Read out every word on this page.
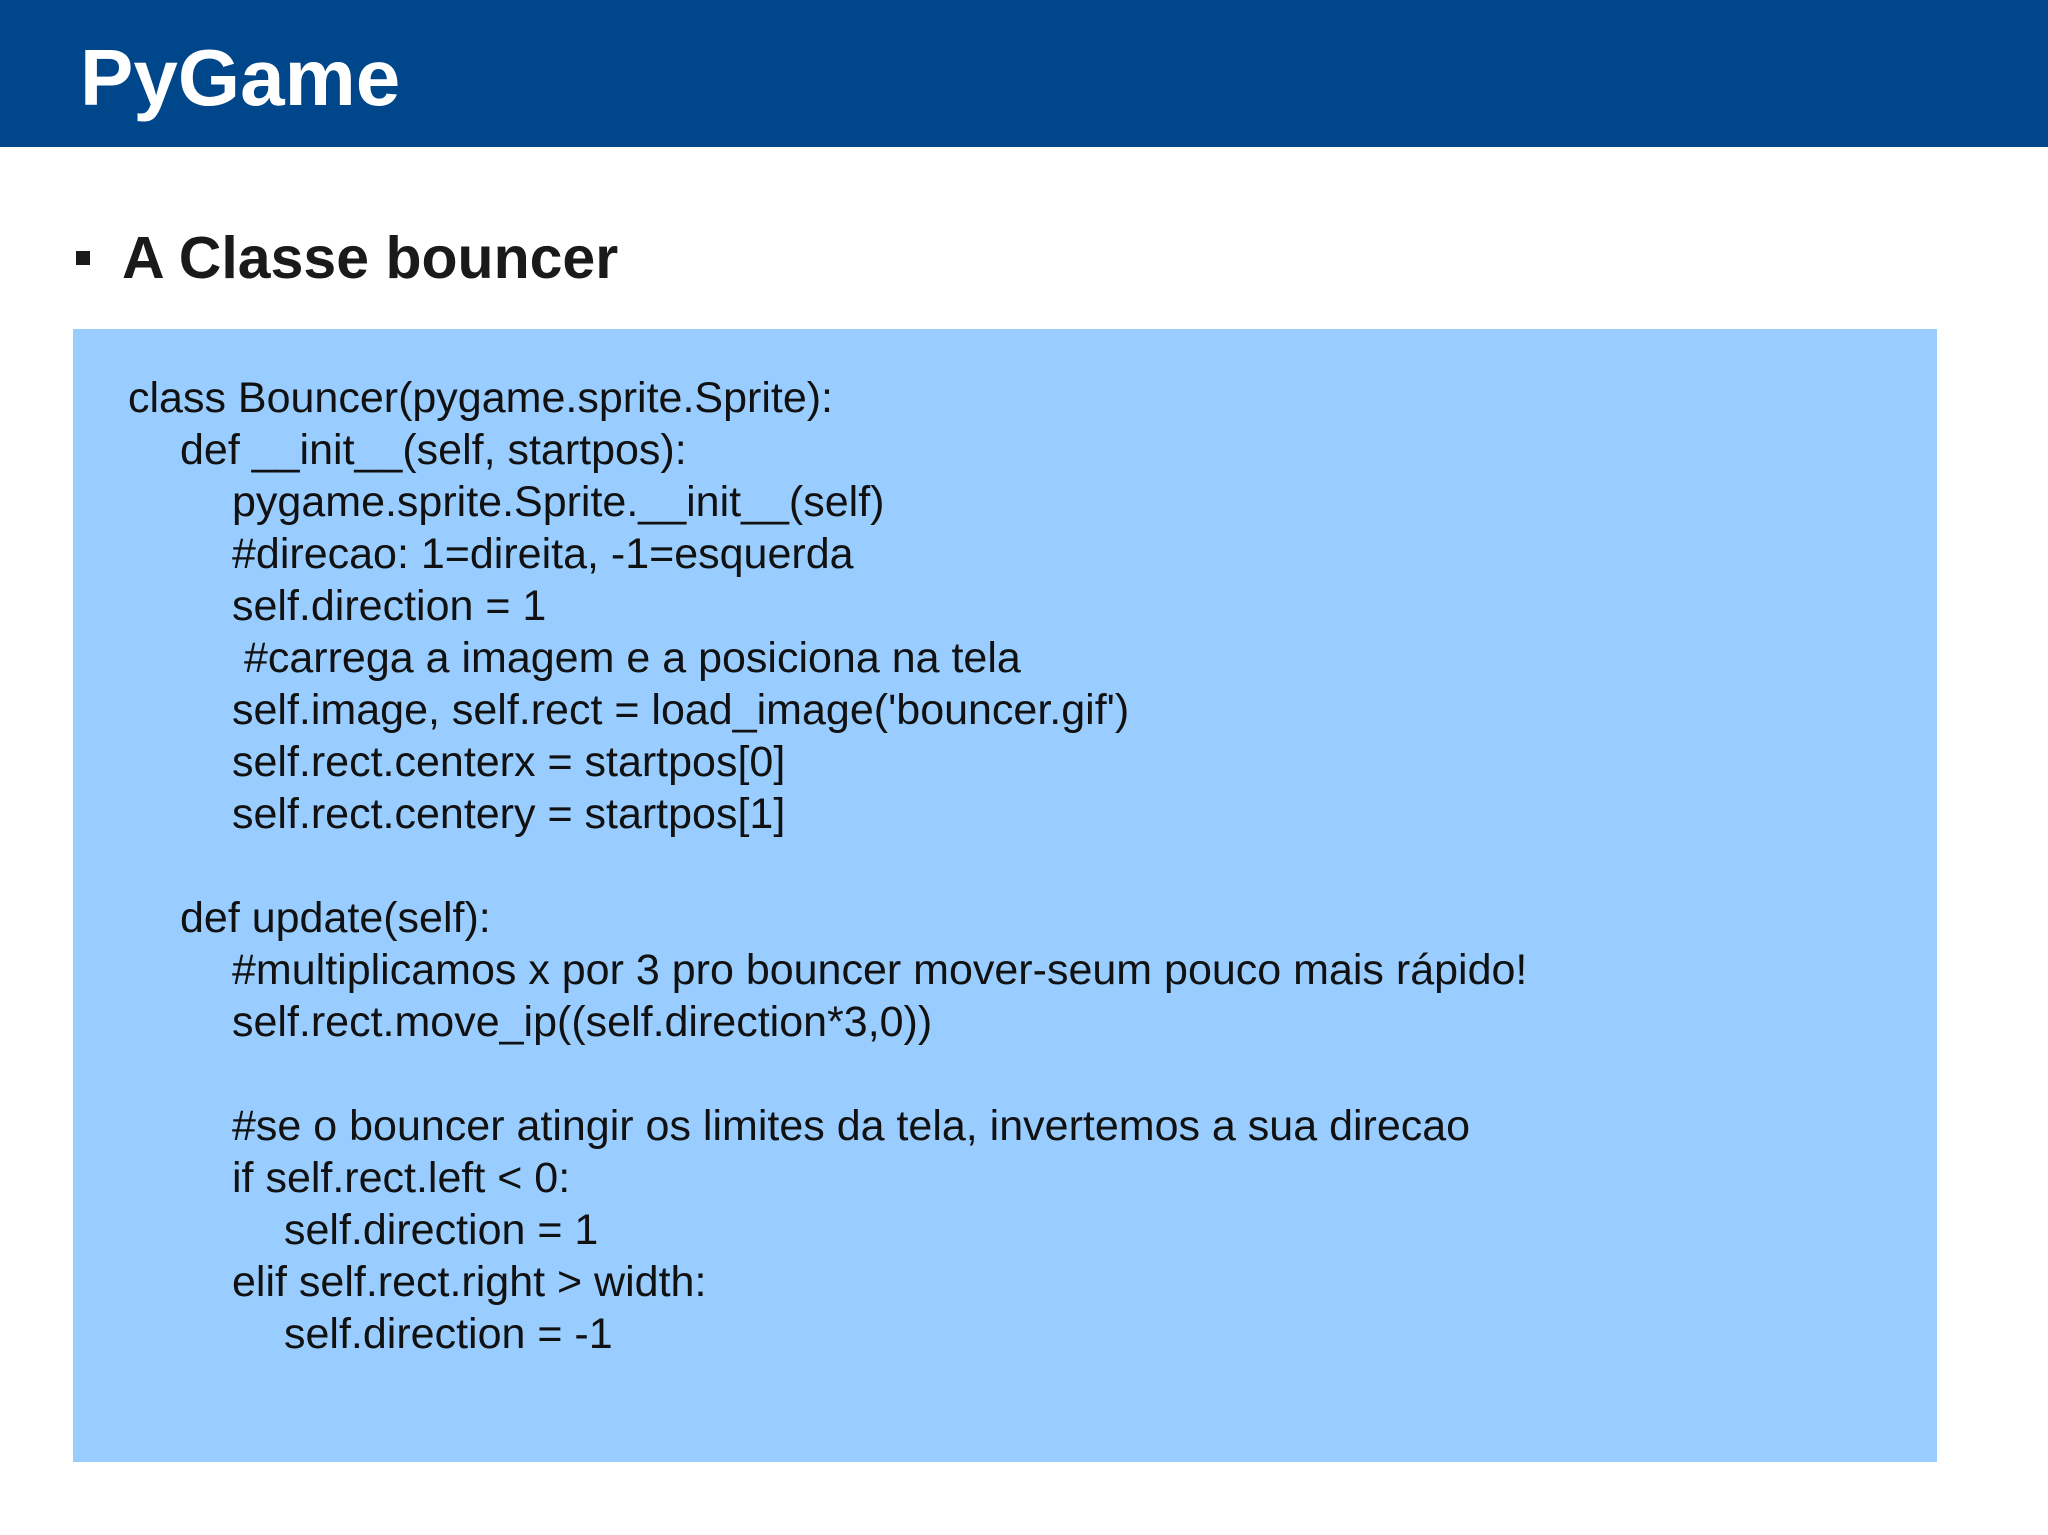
PyGame
A Classe bouncer
class Bouncer(pygame.sprite.Sprite):
def __init__(self, startpos):
pygame.sprite.Sprite.__init__(self)
#direcao: 1=direita, -1=esquerda
self.direction = 1
#carrega a imagem e a posiciona na tela
self.image, self.rect = load_image('bouncer.gif')
self.rect.centerx = startpos[0]
self.rect.centery = startpos[1]
def update(self):
#multiplicamos x por 3 pro bouncer mover-seum pouco mais rápido!
self.rect.move_ip((self.direction*3,0))
#se o bouncer atingir os limites da tela, invertemos a sua direcao
if self.rect.left < 0:
self.direction = 1
elif self.rect.right > width:
self.direction = -1
